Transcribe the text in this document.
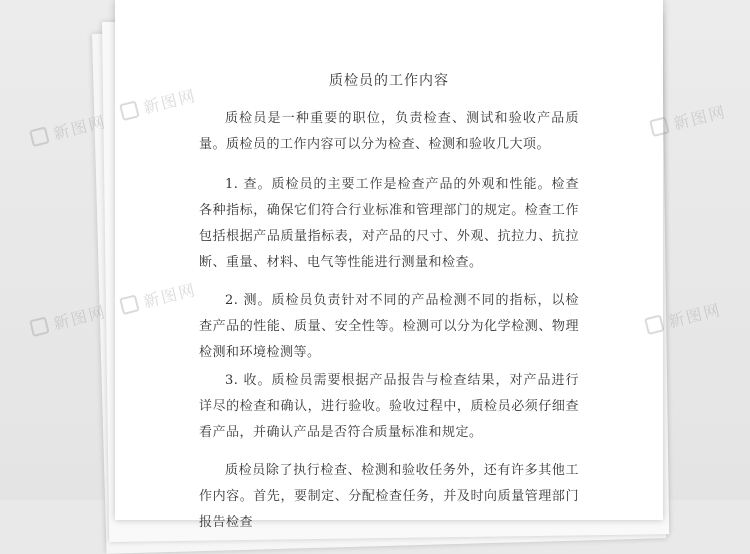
质检员的工作内容

质检员是一种重要的职位，负责检查、测试和验收产品质量。质检员的工作内容可以分为检查、检测和验收几大项。

1. 查。质检员的主要工作是检查产品的外观和性能。检查各种指标，确保它们符合行业标准和管理部门的规定。检查工作包括根据产品质量指标表，对产品的尺寸、外观、抗拉力、抗拉断、重量、材料、电气等性能进行测量和检查。

2. 测。质检员负责针对不同的产品检测不同的指标，以检查产品的性能、质量、安全性等。检测可以分为化学检测、物理检测和环境检测等。

3. 收。质检员需要根据产品报告与检查结果，对产品进行详尽的检查和确认，进行验收。验收过程中，质检员必须仔细查看产品，并确认产品是否符合质量标准和规定。

质检员除了执行检查、检测和验收任务外，还有许多其他工作内容。首先，要制定、分配检查任务，并及时向质量管理部门报告检查

新图网
新图网
新图网
新图网
新图网
新图网
